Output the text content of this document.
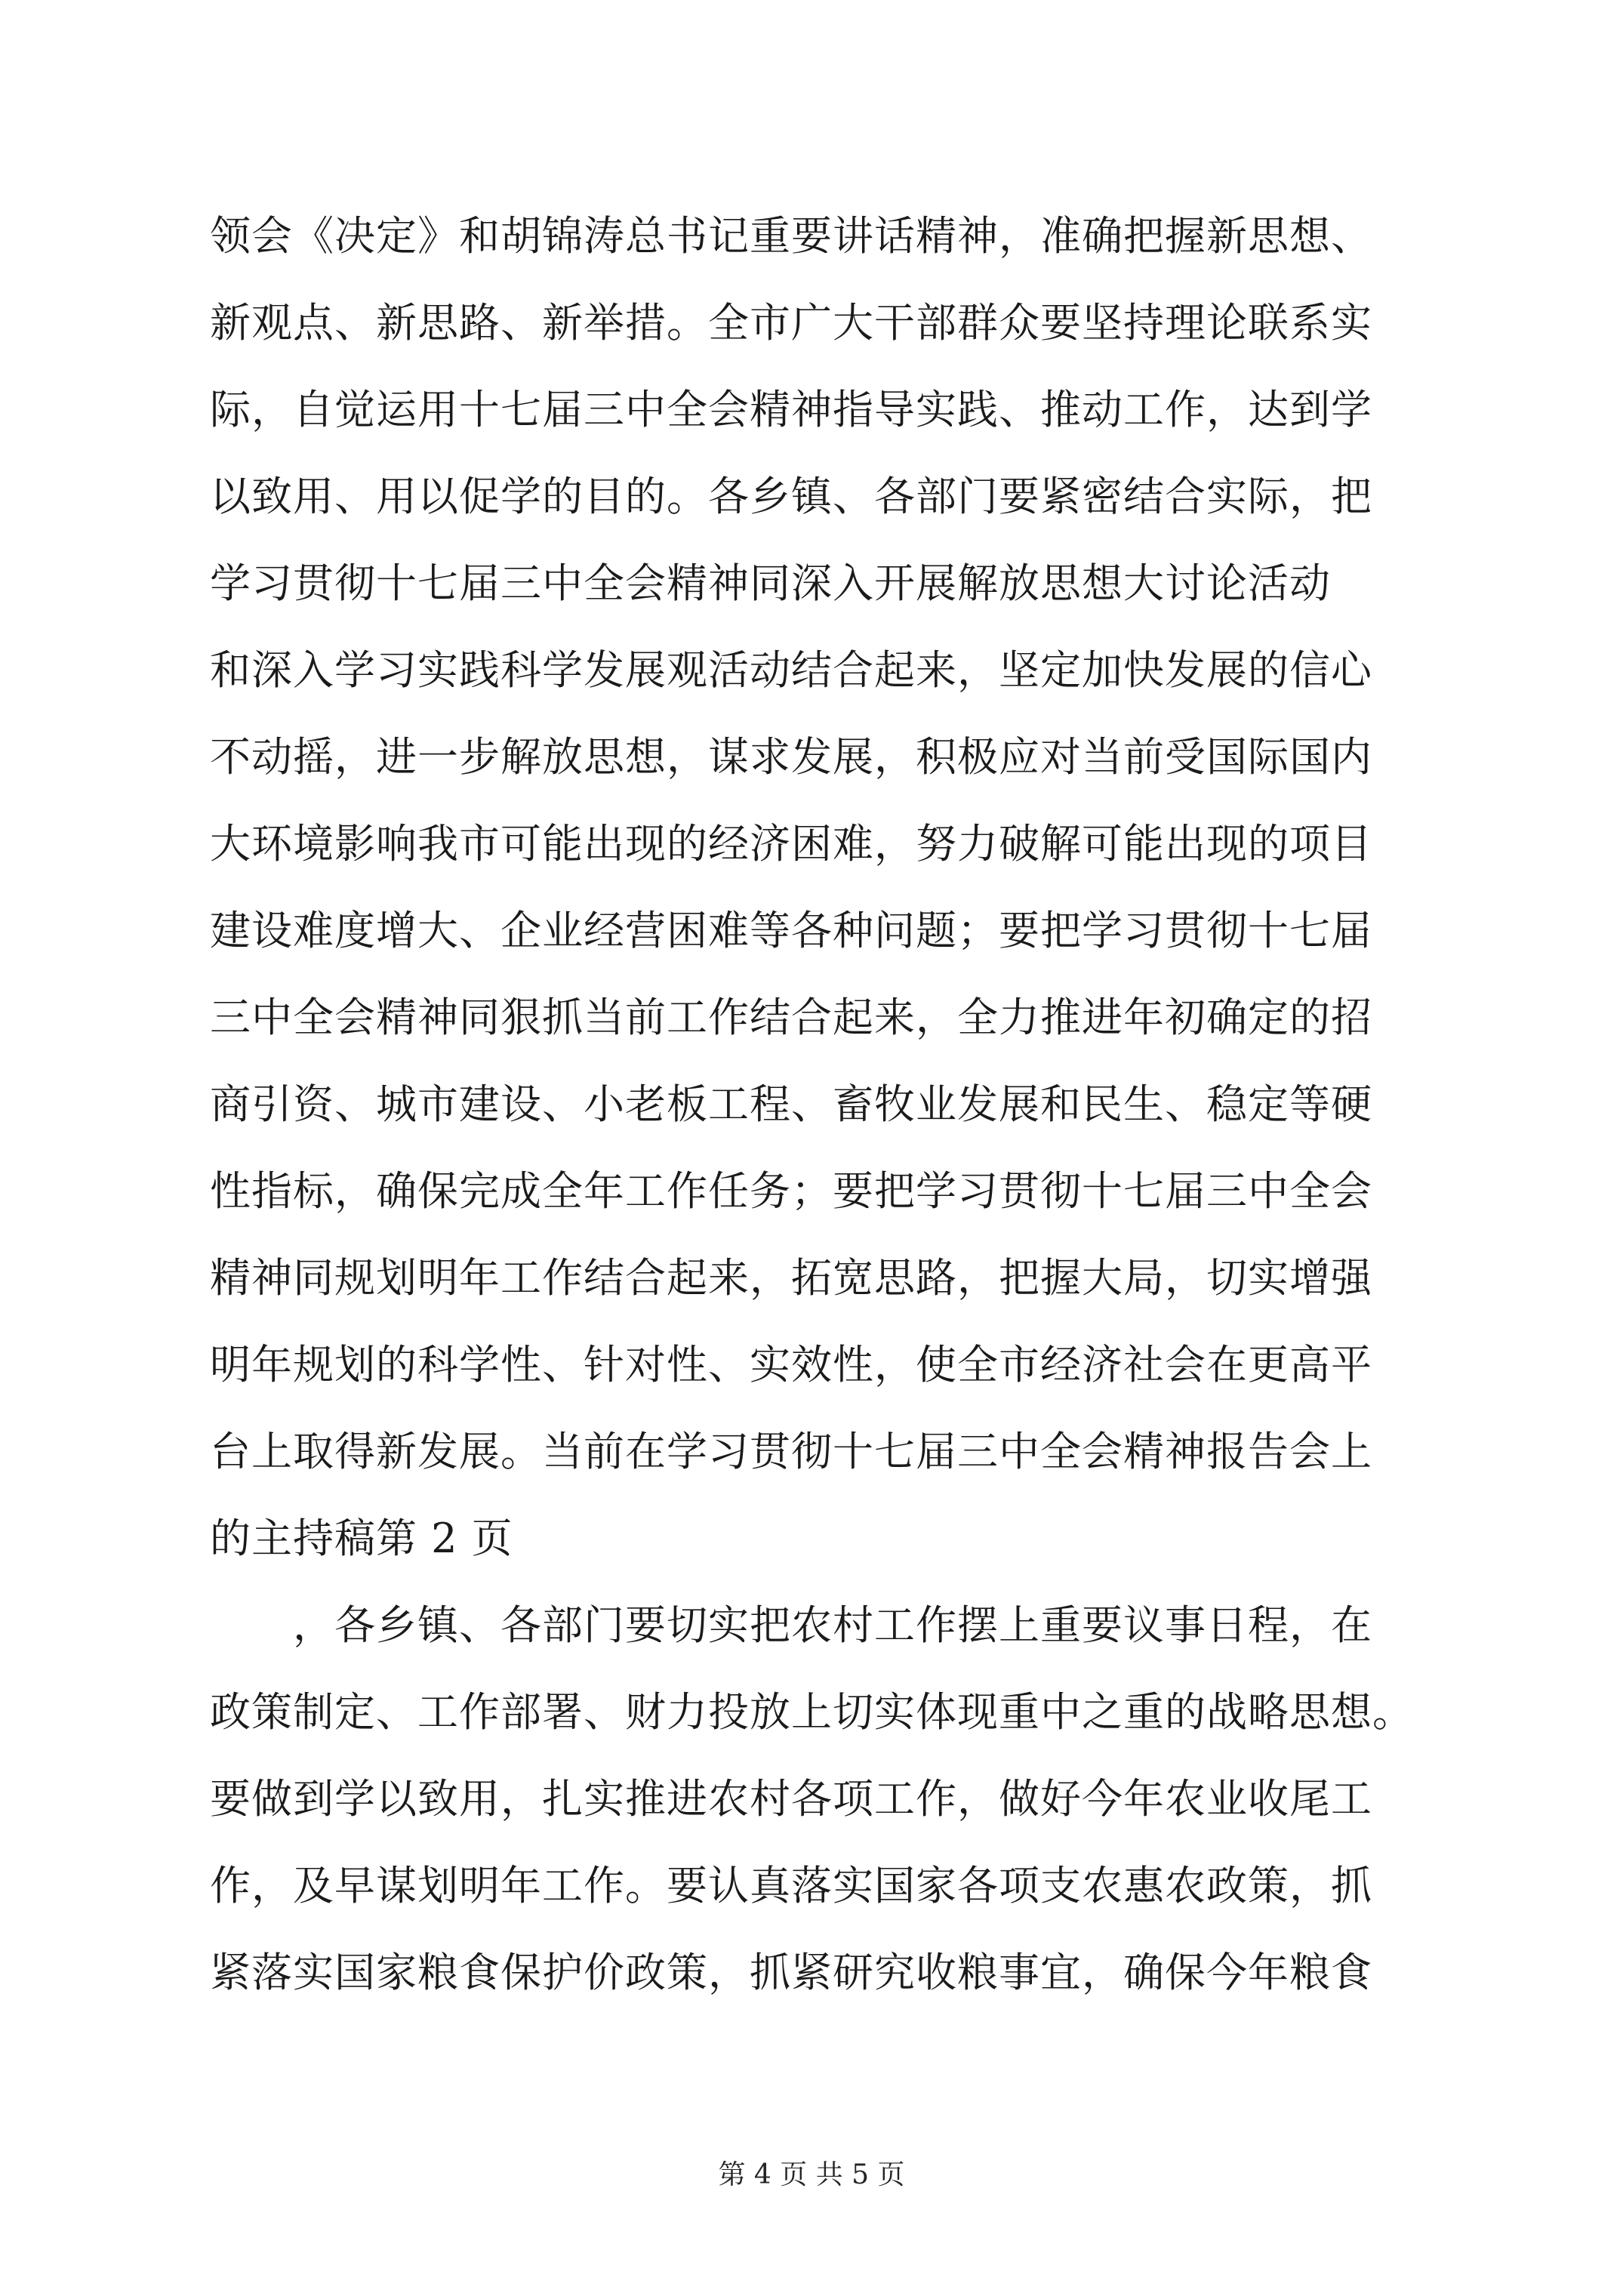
领会《决定》和胡锦涛总书记重要讲话精神，准确把握新思想、
新观点、新思路、新举措。全市广大干部群众要坚持理论联系实
际，自觉运用十七届三中全会精神指导实践、推动工作，达到学
以致用、用以促学的目的。各乡镇、各部门要紧密结合实际，把
学习贯彻十七届三中全会精神同深入开展解放思想大讨论活动
和深入学习实践科学发展观活动结合起来，坚定加快发展的信心
不动摇，进一步解放思想，谋求发展，积极应对当前受国际国内
大环境影响我市可能出现的经济困难，努力破解可能出现的项目
建设难度增大、企业经营困难等各种问题；要把学习贯彻十七届
三中全会精神同狠抓当前工作结合起来，全力推进年初确定的招
商引资、城市建设、小老板工程、畜牧业发展和民生、稳定等硬
性指标，确保完成全年工作任务；要把学习贯彻十七届三中全会
精神同规划明年工作结合起来，拓宽思路，把握大局，切实增强
明年规划的科学性、针对性、实效性，使全市经济社会在更高平
台上取得新发展。当前在学习贯彻十七届三中全会精神报告会上
的主持稿第 2 页
　　，各乡镇、各部门要切实把农村工作摆上重要议事日程，在
政策制定、工作部署、财力投放上切实体现重中之重的战略思想。
要做到学以致用，扎实推进农村各项工作，做好今年农业收尾工
作，及早谋划明年工作。要认真落实国家各项支农惠农政策，抓
紧落实国家粮食保护价政策，抓紧研究收粮事宜，确保今年粮食
第 4 页 共 5 页
